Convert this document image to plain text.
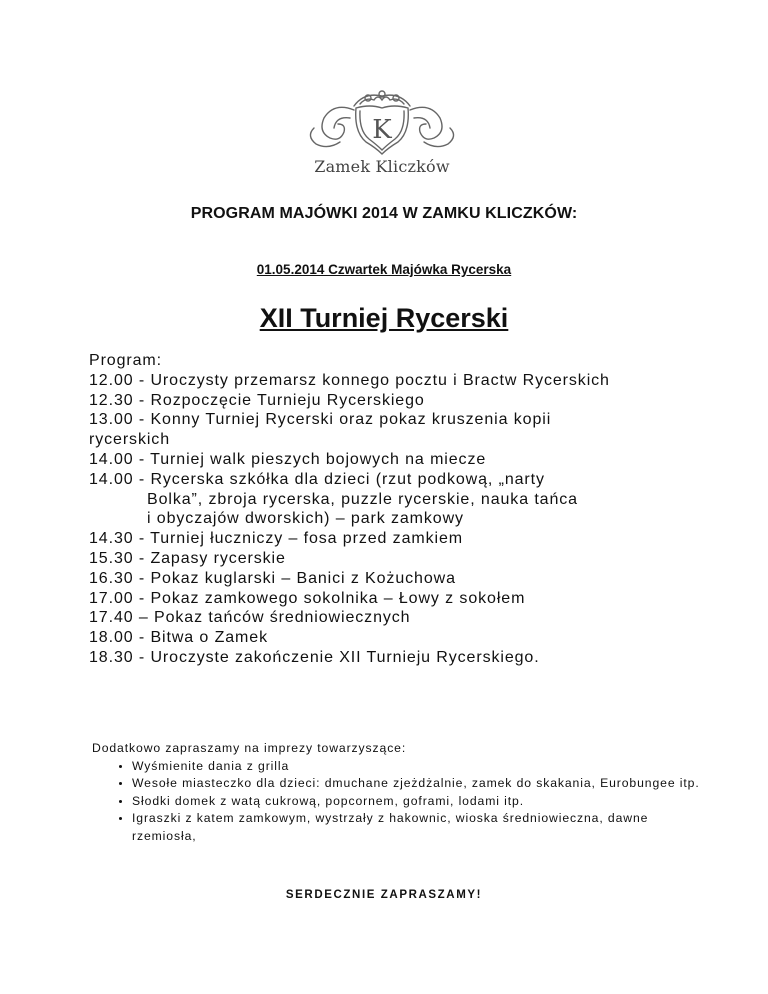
K
Zamek Kliczków
PROGRAM MAJÓWKI 2014 W ZAMKU KLICZKÓW:
01.05.2014 Czwartek Majówka Rycerska
XII Turniej Rycerski
Program:
12.00 - Uroczysty przemarsz konnego pocztu i Bractw Rycerskich
12.30 - Rozpoczęcie Turnieju Rycerskiego
13.00 - Konny Turniej Rycerski oraz pokaz kruszenia kopii
rycerskich
14.00 - Turniej walk pieszych bojowych na miecze
14.00 - Rycerska szkółka dla dzieci (rzut podkową, „narty
Bolka”, zbroja rycerska, puzzle rycerskie, nauka tańca
i obyczajów dworskich) – park zamkowy
14.30 - Turniej łuczniczy – fosa przed zamkiem
15.30 - Zapasy rycerskie
16.30 - Pokaz kuglarski – Banici z Kożuchowa
17.00 - Pokaz zamkowego sokolnika – Łowy z sokołem
17.40 – Pokaz tańców średniowiecznych
18.00 - Bitwa o Zamek
18.30 - Uroczyste zakończenie XII Turnieju Rycerskiego.
Dodatkowo zapraszamy na imprezy towarzyszące:
• Wyśmienite dania z grilla
• Wesołe miasteczko dla dzieci: dmuchane zjeżdżalnie, zamek do skakania, Eurobungee itp.
• Słodki domek z watą cukrową, popcornem, goframi, lodami itp.
• Igraszki z katem zamkowym, wystrzały z hakownic, wioska średniowieczna, dawne rzemiosła,
SERDECZNIE ZAPRASZAMY!
